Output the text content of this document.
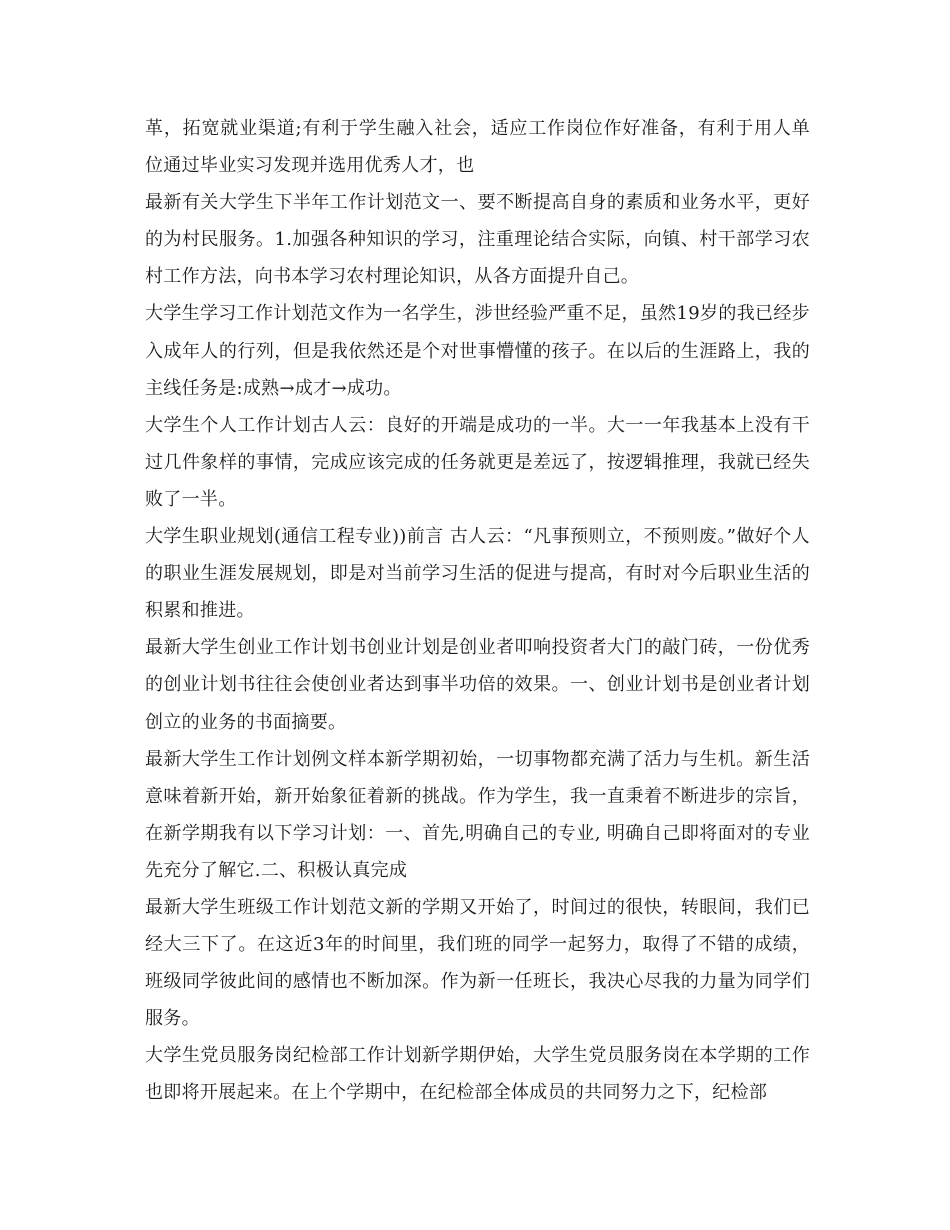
革，拓宽就业渠道;有利于学生融入社会，适应工作岗位作好准备，有利于用人单位通过毕业实习发现并选用优秀人才，也

最新有关大学生下半年工作计划范文一、要不断提高自身的素质和业务水平，更好的为村民服务。1.加强各种知识的学习，注重理论结合实际，向镇、村干部学习农村工作方法，向书本学习农村理论知识，从各方面提升自己。

大学生学习工作计划范文作为一名学生，涉世经验严重不足，虽然19岁的我已经步入成年人的行列，但是我依然还是个对世事懵懂的孩子。在以后的生涯路上，我的主线任务是:成熟→成才→成功。

大学生个人工作计划古人云：良好的开端是成功的一半。大一一年我基本上没有干过几件象样的事情，完成应该完成的任务就更是差远了，按逻辑推理，我就已经失败了一半。

大学生职业规划(通信工程专业))前言 古人云：“凡事预则立，不预则废。”做好个人的职业生涯发展规划，即是对当前学习生活的促进与提高，有时对今后职业生活的积累和推进。

最新大学生创业工作计划书创业计划是创业者叩响投资者大门的敲门砖，一份优秀的创业计划书往往会使创业者达到事半功倍的效果。一、创业计划书是创业者计划创立的业务的书面摘要。

最新大学生工作计划例文样本新学期初始，一切事物都充满了活力与生机。新生活意味着新开始，新开始象征着新的挑战。作为学生，我一直秉着不断进步的宗旨，在新学期我有以下学习计划：一、首先,明确自己的专业, 明确自己即将面对的专业先充分了解它.二、积极认真完成

最新大学生班级工作计划范文新的学期又开始了，时间过的很快，转眼间，我们已经大三下了。在这近3年的时间里，我们班的同学一起努力，取得了不错的成绩，班级同学彼此间的感情也不断加深。作为新一任班长，我决心尽我的力量为同学们服务。

大学生党员服务岗纪检部工作计划新学期伊始，大学生党员服务岗在本学期的工作也即将开展起来。在上个学期中，在纪检部全体成员的共同努力之下，纪检部
